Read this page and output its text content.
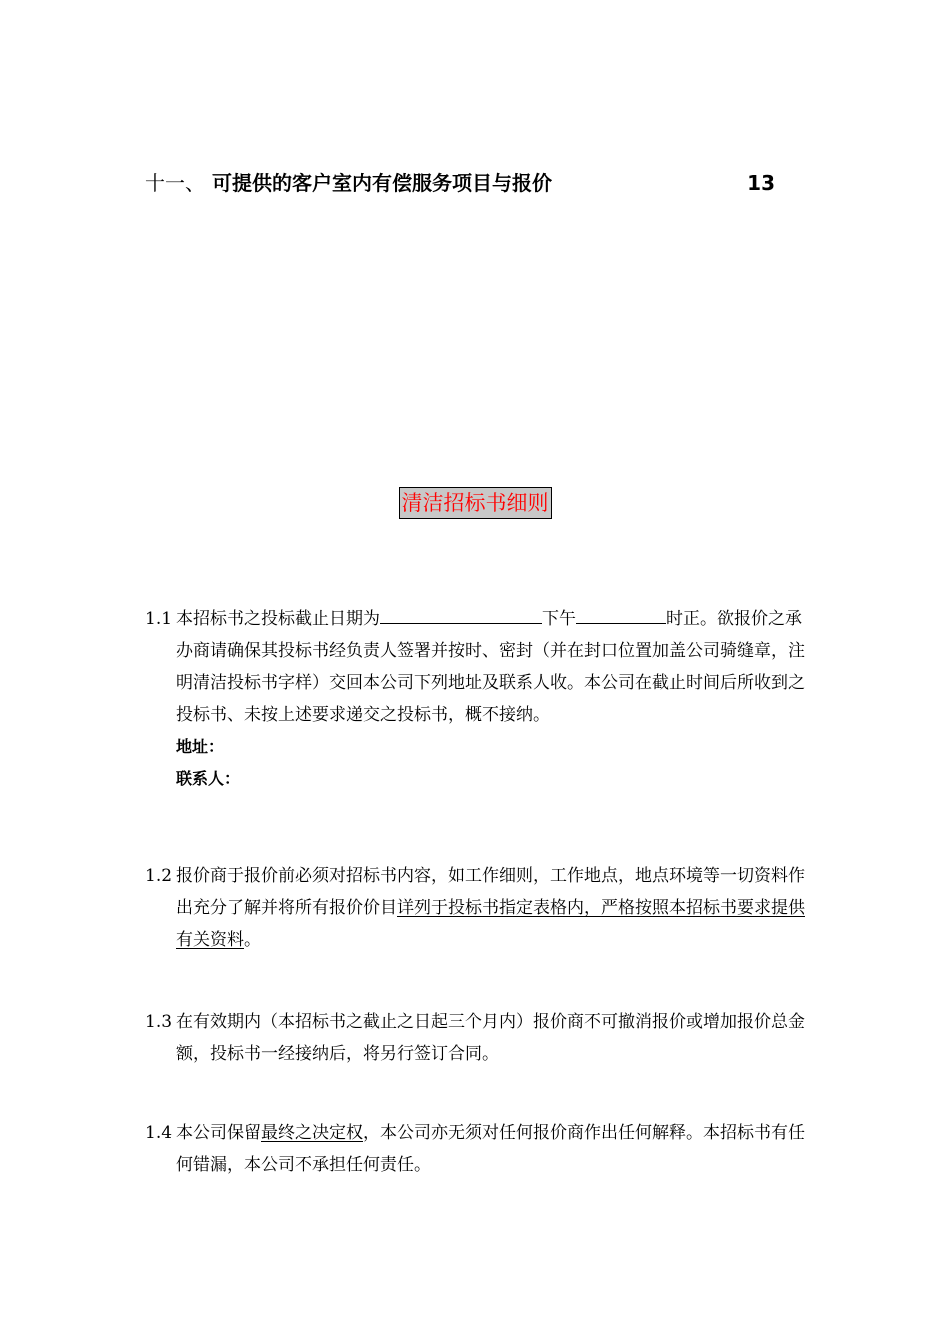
十一、 可提供的客户室内有偿服务项目与报价	13
清洁招标书细则
1.1 本招标书之投标截止日期为	下午	时正。欲报价之承办商请确保其投标书经负责人签署并按时、密封（并在封口位置加盖公司骑缝章，注明清洁投标书字样）交回本公司下列地址及联系人收。本公司在截止时间后所收到之投标书、未按上述要求递交之投标书，概不接纳。
地址：
联系人：
1.2 报价商于报价前必须对招标书内容，如工作细则，工作地点，地点环境等一切资料作出充分了解并将所有报价价目详列于投标书指定表格内，严格按照本招标书要求提供有关资料。
1.3 在有效期内（本招标书之截止之日起三个月内）报价商不可撤消报价或增加报价总金额，投标书一经接纳后，将另行签订合同。
1.4 本公司保留最终之决定权，本公司亦无须对任何报价商作出任何解释。本招标书有任何错漏，本公司不承担任何责任。
